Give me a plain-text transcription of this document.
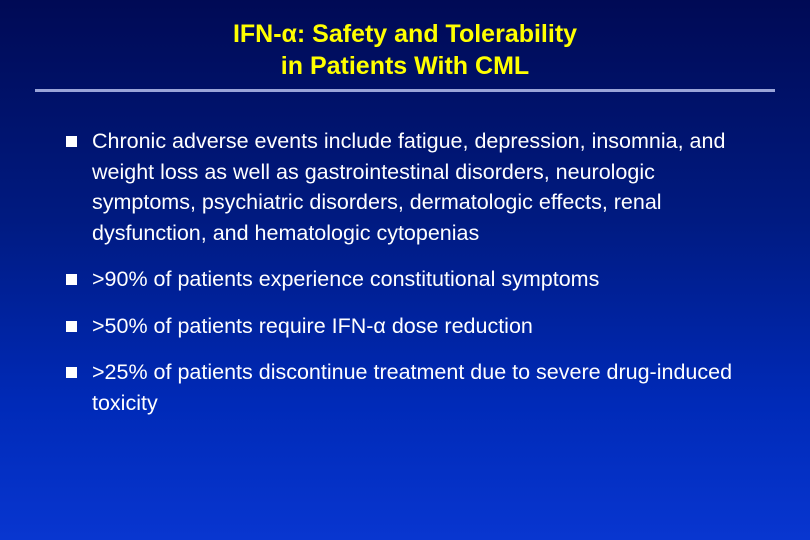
IFN-α: Safety and Tolerability
in Patients With CML
Chronic adverse events include fatigue, depression, insomnia, and weight loss as well as gastrointestinal disorders, neurologic symptoms, psychiatric disorders, dermatologic effects, renal dysfunction, and hematologic cytopenias
>90% of patients experience constitutional symptoms
>50% of patients require IFN-α dose reduction
>25% of patients discontinue treatment due to severe drug-induced toxicity
